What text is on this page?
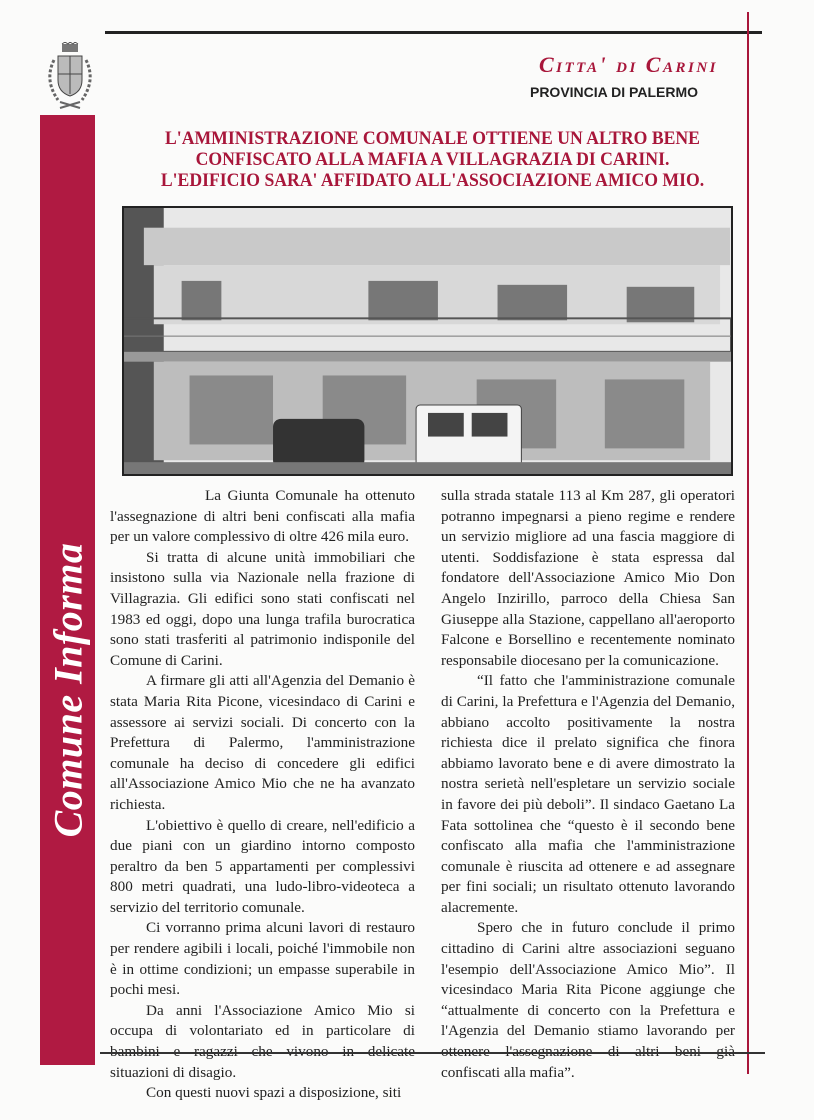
Comune Informa
Citta' di Carini
PROVINCIA DI PALERMO
L'AMMINISTRAZIONE COMUNALE OTTIENE UN ALTRO BENE
CONFISCATO ALLA MAFIA A VILLAGRAZIA DI CARINI.
L'EDIFICIO SARA' AFFIDATO ALL'ASSOCIAZIONE AMICO MIO.

La Giunta Comunale ha ottenuto l'assegnazione di altri beni confiscati alla mafia per un valore complessivo di oltre 426 mila euro.

Si tratta di alcune unità immobiliari che insistono sulla via Nazionale nella frazione di Villagrazia. Gli edifici sono stati confiscati nel 1983 ed oggi, dopo una lunga trafila burocratica sono stati trasferiti al patrimonio indisponile del Comune di Carini.

A firmare gli atti all'Agenzia del Demanio è stata Maria Rita Picone, vicesindaco di Carini e assessore ai servizi sociali. Di concerto con la Prefettura di Palermo, l'amministrazione comunale ha deciso di concedere gli edifici all'Associazione Amico Mio che ne ha avanzato richiesta.

L'obiettivo è quello di creare, nell'edificio a due piani con un giardino intorno composto peraltro da ben 5 appartamenti per complessivi 800 metri quadrati, una ludo-libro-videoteca a servizio del territorio comunale.

Ci vorranno prima alcuni lavori di restauro per rendere agibili i locali, poiché l'immobile non è in ottime condizioni; un empasse superabile in pochi mesi.

Da anni l'Associazione Amico Mio si occupa di volontariato ed in particolare di situazioni di disagio.

Con questi nuovi spazi a disposizione, siti

sulla strada statale 113 al Km 287, gli operatori potranno impegnarsi a pieno regime e rendere un servizio migliore ad una fascia maggiore di utenti. Soddisfazione è stata espressa dal fondatore dell'Associazione Amico Mio Don Angelo Inzirillo, parroco della Chiesa San Giuseppe alla Stazione, cappellano all'aeroporto Falcone e Borsellino e recentemente nominato responsabile diocesano per la comunicazione.

“Il fatto che l'amministrazione comunale di Carini, la Prefettura e l'Agenzia del Demanio, abbiano accolto positivamente la nostra richiesta dice il prelato significa che finora abbiamo lavorato bene e di avere dimostrato la nostra serietà nell'espletare un servizio sociale in favore dei più deboli”. Il sindaco Gaetano La Fata sottolinea che “questo è il secondo bene confiscato alla mafia che l'amministrazione comunale è riuscita ad ottenere e ad assegnare per fini sociali; un risultato ottenuto lavorando alacremente.

Spero che in futuro conclude il primo cittadino di Carini altre associazioni seguano l'esempio dell'Associazione Amico Mio”. Il vicesindaco Maria Rita Picone aggiunge che “attualmente di concerto con la Prefettura e l'Agenzia del Demanio stiamo lavorando per confiscati alla mafia”.
